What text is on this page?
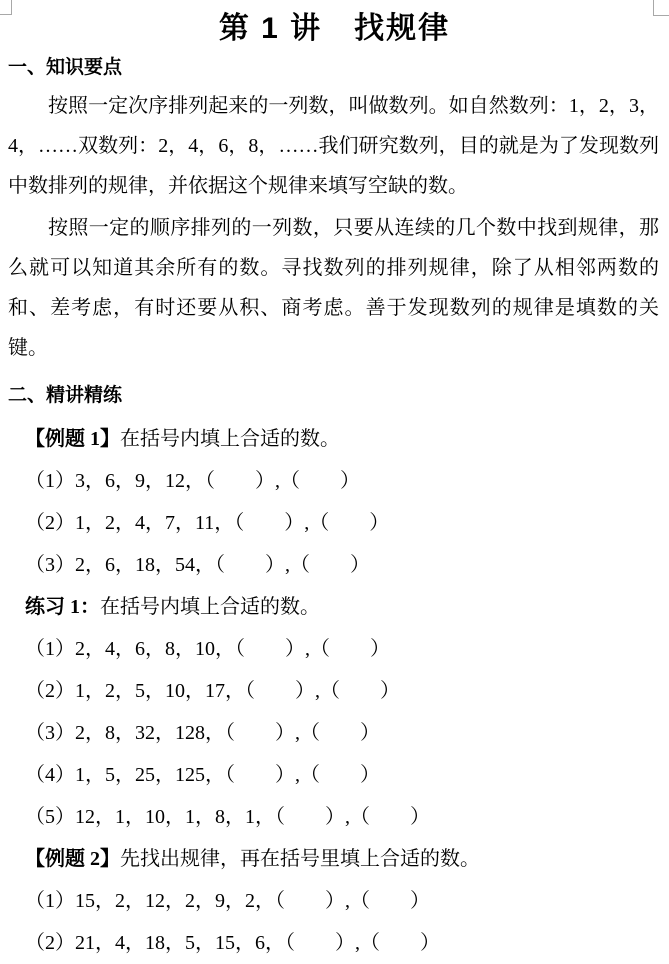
第 1 讲　找规律
一、知识要点
按照一定次序排列起来的一列数，叫做数列。如自然数列：1，2，3，4，……双数列：2，4，6，8，……我们研究数列，目的就是为了发现数列中数排列的规律，并依据这个规律来填写空缺的数。
按照一定的顺序排列的一列数，只要从连续的几个数中找到规律，那么就可以知道其余所有的数。寻找数列的排列规律，除了从相邻两数的和、差考虑，有时还要从积、商考虑。善于发现数列的规律是填数的关键。
二、精讲精练
【例题 1】在括号内填上合适的数。
（1）3，6，9，12，（　　）,（　　）
（2）1，2，4，7，11，（　　）,（　　）
（3）2，6，18，54，（　　）,（　　）
练习 1：在括号内填上合适的数。
（1）2，4，6，8，10，（　　）,（　　）
（2）1，2，5，10，17，（　　）,（　　）
（3）2，8，32，128，（　　）,（　　）
（4）1，5，25，125，（　　）,（　　）
（5）12，1，10，1，8，1，（　　）,（　　）
【例题 2】先找出规律，再在括号里填上合适的数。
（1）15，2，12，2，9，2，（　　）,（　　）
（2）21，4，18，5，15，6，（　　）,（　　）
